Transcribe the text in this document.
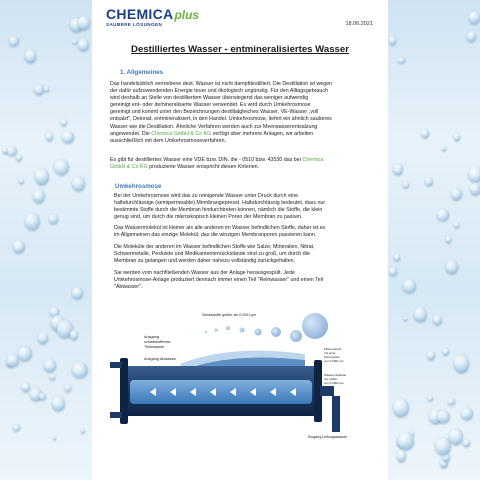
CHEMICAplus
SAUBERE LÖSUNGEN	18.06.2021
Destilliertes Wasser - entmineralisiertes Wasser
1. Allgemeines

Das handelsüblich vertriebene dest. Wasser ist nicht dampfdestilliert. Die Destillation ist wegen

der dafür aufzuwendenden Energie teuer und ökologisch ungünstig. Für den Alltagsgebrauch

wird deshalb an Stelle von destilliertem Wasser überwiegend das weniger aufwendig

gereinigt ent- oder demineralisierte Wasser verwendet. Es wird durch Umkehrosmose

gereinigt und kommt unter den Bezeichnungen destillatgleiches Wasser, VE-Wasser „voll

entsalzt", Deionat, entmineralisiert, in den Handel. Umkehrosmose, liefert ein ähnlich sauberes

Wasser wie die Destillation. Ähnliche Verfahren werden auch zur Meerwasserentsalzung

angewendet. Die Chemica GmbH & Co KG verfügt über mehrere Anlagen, wir arbeiten

ausschließlich mit dem Umkehrosmoseverfahren.

Es gibt für destilliertes Wasser eine VDE bzw. DIN. die - 0510 bzw. 43530 das bei Chemica

GmbH & Co KG produzierte Wasser entspricht diesen Kriterien.

Umkehrosmose

Bei der Umkehrosmose wird das zu reinigende Wasser unter Druck durch eine

halbdurchlässige (semipermeable) Membrangepresst. Halbdurchlässig bedeutet, dass nur

bestimmte Stoffe durch die Membran hindurchtreten können, nämlich die Stoffe, die klein

genug sind, um durch die mikroskopisch kleinen Poren der Membran zu passen.

Das Wassermolekül ist kleiner als alle anderen im Wasser befindlichen Stoffe, daher ist es

im Allgemeinen das einzige Molekül, das die winzigen Membranporen passieren kann.

Die Moleküle der anderen im Wasser befindlichen Stoffe wie Salze, Mineralien, Nitrat,

Schwermetalle, Pestizide und Medikamentenrückstände sind zu groß, um durch die

Membran zu gelangen und werden daher nahezu vollständig zurückgehalten.

Sie werden vom nachfließenden Wasser aus der Anlage herausgespült. Jede

Umkehrosmose-Anlage produziert dennach immer einen Teil "Reinwasser" und einen Teil

"Abwasser".

Schadstoffe größer als 0,0001 µm
Ausgang
schadstofffreies
Trinkwasser
Ausgang Abwasser
Filtermaterial
mit einer
Porengröße
von 0,0001 µm
Wassermoleküle
nur größe
von 0,0001 µm
Eingang Leitungswasser
